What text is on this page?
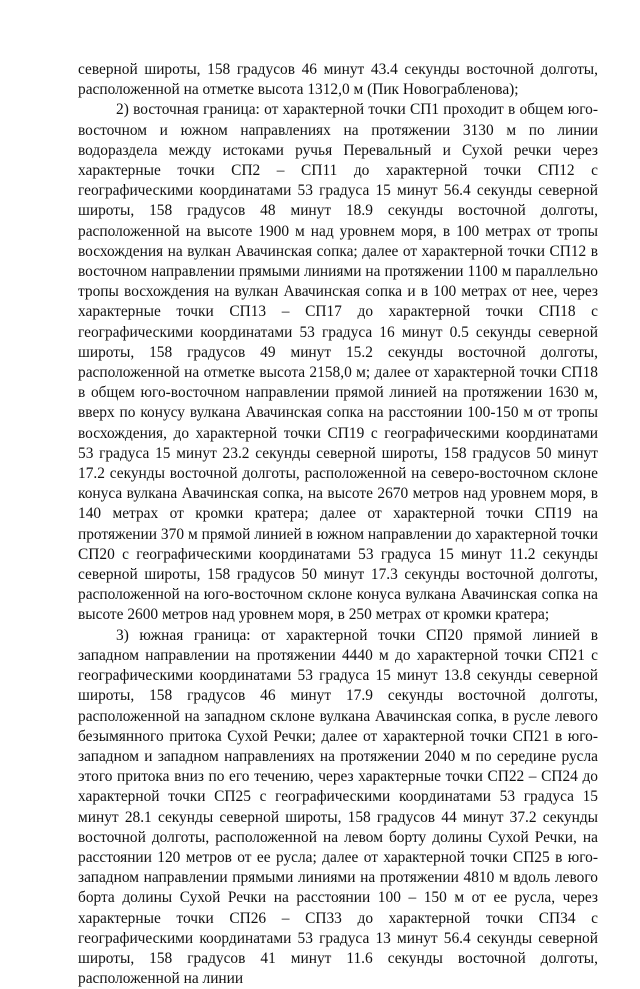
северной широты, 158 градусов 46 минут 43.4 секунды восточной долготы, расположенной на отметке высота 1312,0 м (Пик Новограбленова);

2) восточная граница: от характерной точки СП1 проходит в общем юго-восточном и южном направлениях на протяжении 3130 м по линии водораздела между истоками ручья Перевальный и Сухой речки через характерные точки СП2 – СП11 до характерной точки СП12 с географическими координатами 53 градуса 15 минут 56.4 секунды северной широты, 158 градусов 48 минут 18.9 секунды восточной долготы, расположенной на высоте 1900 м над уровнем моря, в 100 метрах от тропы восхождения на вулкан Авачинская сопка; далее от характерной точки СП12 в восточном направлении прямыми линиями на протяжении 1100 м параллельно тропы восхождения на вулкан Авачинская сопка и в 100 метрах от нее, через характерные точки СП13 – СП17 до характерной точки СП18 с географическими координатами 53 градуса 16 минут 0.5 секунды северной широты, 158 градусов 49 минут 15.2 секунды восточной долготы, расположенной на отметке высота 2158,0 м; далее от характерной точки СП18 в общем юго-восточном направлении прямой линией на протяжении 1630 м, вверх по конусу вулкана Авачинская сопка на расстоянии 100-150 м от тропы восхождения, до характерной точки СП19 с географическими координатами 53 градуса 15 минут 23.2 секунды северной широты, 158 градусов 50 минут 17.2 секунды восточной долготы, расположенной на северо-восточном склоне конуса вулкана Авачинская сопка, на высоте 2670 метров над уровнем моря, в 140 метрах от кромки кратера; далее от характерной точки СП19 на протяжении 370 м прямой линией в южном направлении до характерной точки СП20 с географическими координатами 53 градуса 15 минут 11.2 секунды северной широты, 158 градусов 50 минут 17.3 секунды восточной долготы, расположенной на юго-восточном склоне конуса вулкана Авачинская сопка на высоте 2600 метров над уровнем моря, в 250 метрах от кромки кратера;

3) южная граница: от характерной точки СП20 прямой линией в западном направлении на протяжении 4440 м до характерной точки СП21 с географическими координатами 53 градуса 15 минут 13.8 секунды северной широты, 158 градусов 46 минут 17.9 секунды восточной долготы, расположенной на западном склоне вулкана Авачинская сопка, в русле левого безымянного притока Сухой Речки; далее от характерной точки СП21 в юго-западном и западном направлениях на протяжении 2040 м по середине русла этого притока вниз по его течению, через характерные точки СП22 – СП24 до характерной точки СП25 с географическими координатами 53 градуса 15 минут 28.1 секунды северной широты, 158 градусов 44 минут 37.2 секунды восточной долготы, расположенной на левом борту долины Сухой Речки, на расстоянии 120 метров от ее русла; далее от характерной точки СП25 в юго-западном направлении прямыми линиями на протяжении 4810 м вдоль левого борта долины Сухой Речки на расстоянии 100 – 150 м от ее русла, через характерные точки СП26 – СП33 до характерной точки СП34 с географическими координатами 53 градуса 13 минут 56.4 секунды северной широты, 158 градусов 41 минут 11.6 секунды восточной долготы, расположенной на линии
